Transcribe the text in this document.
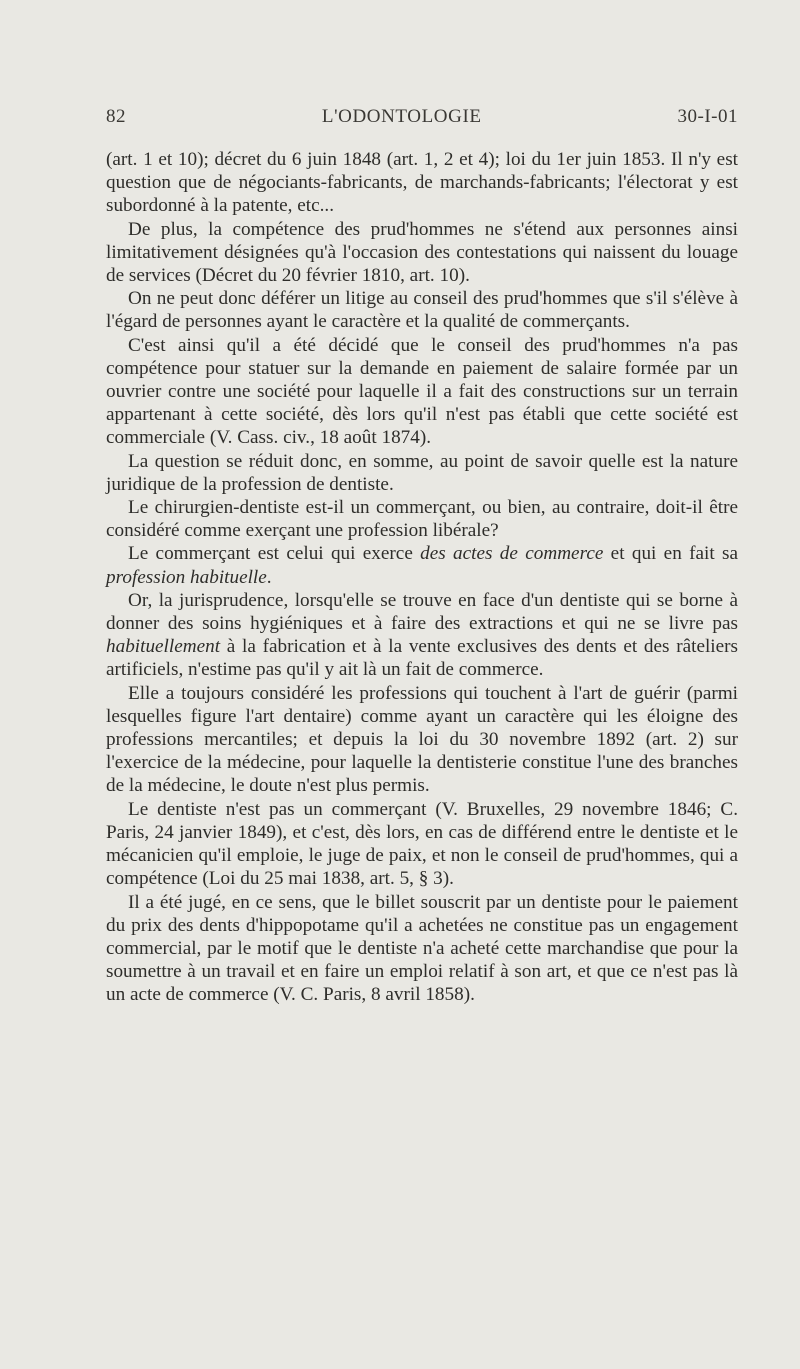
82	L'ODONTOLOGIE	30-I-01

(art. 1 et 10); décret du 6 juin 1848 (art. 1, 2 et 4); loi du 1er juin 1853. Il n'y est question que de négociants-fabricants, de marchands-fabricants; l'électorat y est subordonné à la patente, etc...

De plus, la compétence des prud'hommes ne s'étend aux personnes ainsi limitativement désignées qu'à l'occasion des contestations qui naissent du louage de services (Décret du 20 février 1810, art. 10).

On ne peut donc déférer un litige au conseil des prud'hommes que s'il s'élève à l'égard de personnes ayant le caractère et la qualité de commerçants.

C'est ainsi qu'il a été décidé que le conseil des prud'hommes n'a pas compétence pour statuer sur la demande en paiement de salaire formée par un ouvrier contre une société pour laquelle il a fait des constructions sur un terrain appartenant à cette société, dès lors qu'il n'est pas établi que cette société est commerciale (V. Cass. civ., 18 août 1874).

La question se réduit donc, en somme, au point de savoir quelle est la nature juridique de la profession de dentiste.

Le chirurgien-dentiste est-il un commerçant, ou bien, au contraire, doit-il être considéré comme exerçant une profession libérale?

Le commerçant est celui qui exerce des actes de commerce et qui en fait sa profession habituelle.

Or, la jurisprudence, lorsqu'elle se trouve en face d'un dentiste qui se borne à donner des soins hygiéniques et à faire des extractions et qui ne se livre pas habituellement à la fabrication et à la vente exclusives des dents et des râteliers artificiels, n'estime pas qu'il y ait là un fait de commerce.

Elle a toujours considéré les professions qui touchent à l'art de guérir (parmi lesquelles figure l'art dentaire) comme ayant un caractère qui les éloigne des professions mercantiles; et depuis la loi du 30 novembre 1892 (art. 2) sur l'exercice de la médecine, pour laquelle la dentisterie constitue l'une des branches de la médecine, le doute n'est plus permis.

Le dentiste n'est pas un commerçant (V. Bruxelles, 29 novembre 1846; C. Paris, 24 janvier 1849), et c'est, dès lors, en cas de différend entre le dentiste et le mécanicien qu'il emploie, le juge de paix, et non le conseil de prud'hommes, qui a compétence (Loi du 25 mai 1838, art. 5, § 3).

Il a été jugé, en ce sens, que le billet souscrit par un dentiste pour le paiement du prix des dents d'hippopotame qu'il a achetées ne constitue pas un engagement commercial, par le motif que le dentiste n'a acheté cette marchandise que pour la soumettre à un travail et en faire un emploi relatif à son art, et que ce n'est pas là un acte de commerce (V. C. Paris, 8 avril 1858).
